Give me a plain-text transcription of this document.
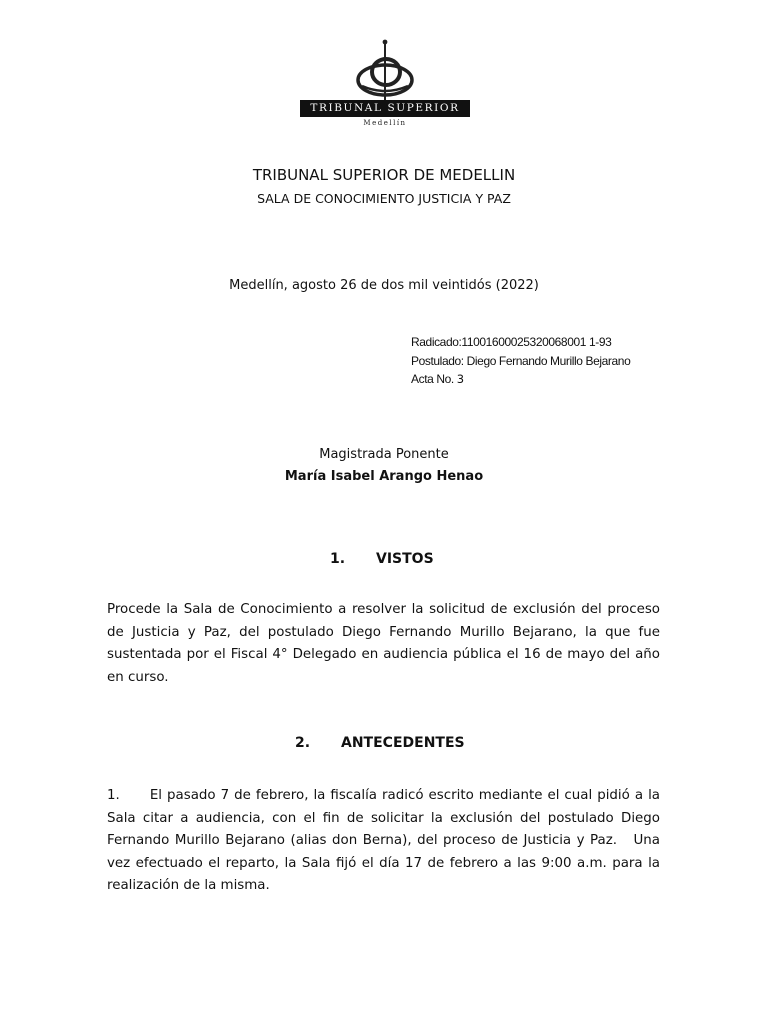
TRIBUNAL SUPERIOR
Medellín
TRIBUNAL SUPERIOR DE MEDELLIN
SALA DE CONOCIMIENTO JUSTICIA Y PAZ
Medellín, agosto 26 de dos mil veintidós (2022)
Radicado:11001600025320068001 1-93
Postulado: Diego Fernando Murillo Bejarano
Acta No. 3
Magistrada Ponente
María Isabel Arango Henao
1. VISTOS

Procede la Sala de Conocimiento a resolver la solicitud de exclusión del proceso de Justicia y Paz, del postulado Diego Fernando Murillo Bejarano, la que fue sustentada por el Fiscal 4° Delegado en audiencia pública el 16 de mayo del año en curso.

2. ANTECEDENTES

1.      El pasado 7 de febrero, la fiscalía radicó escrito mediante el cual pidió a la Sala citar a audiencia, con el fin de solicitar la exclusión del postulado Diego Fernando Murillo Bejarano (alias don Berna), del proceso de Justicia y Paz.   Una vez efectuado el reparto, la Sala fijó el día 17 de febrero a las 9:00 a.m. para la realización de la misma.
